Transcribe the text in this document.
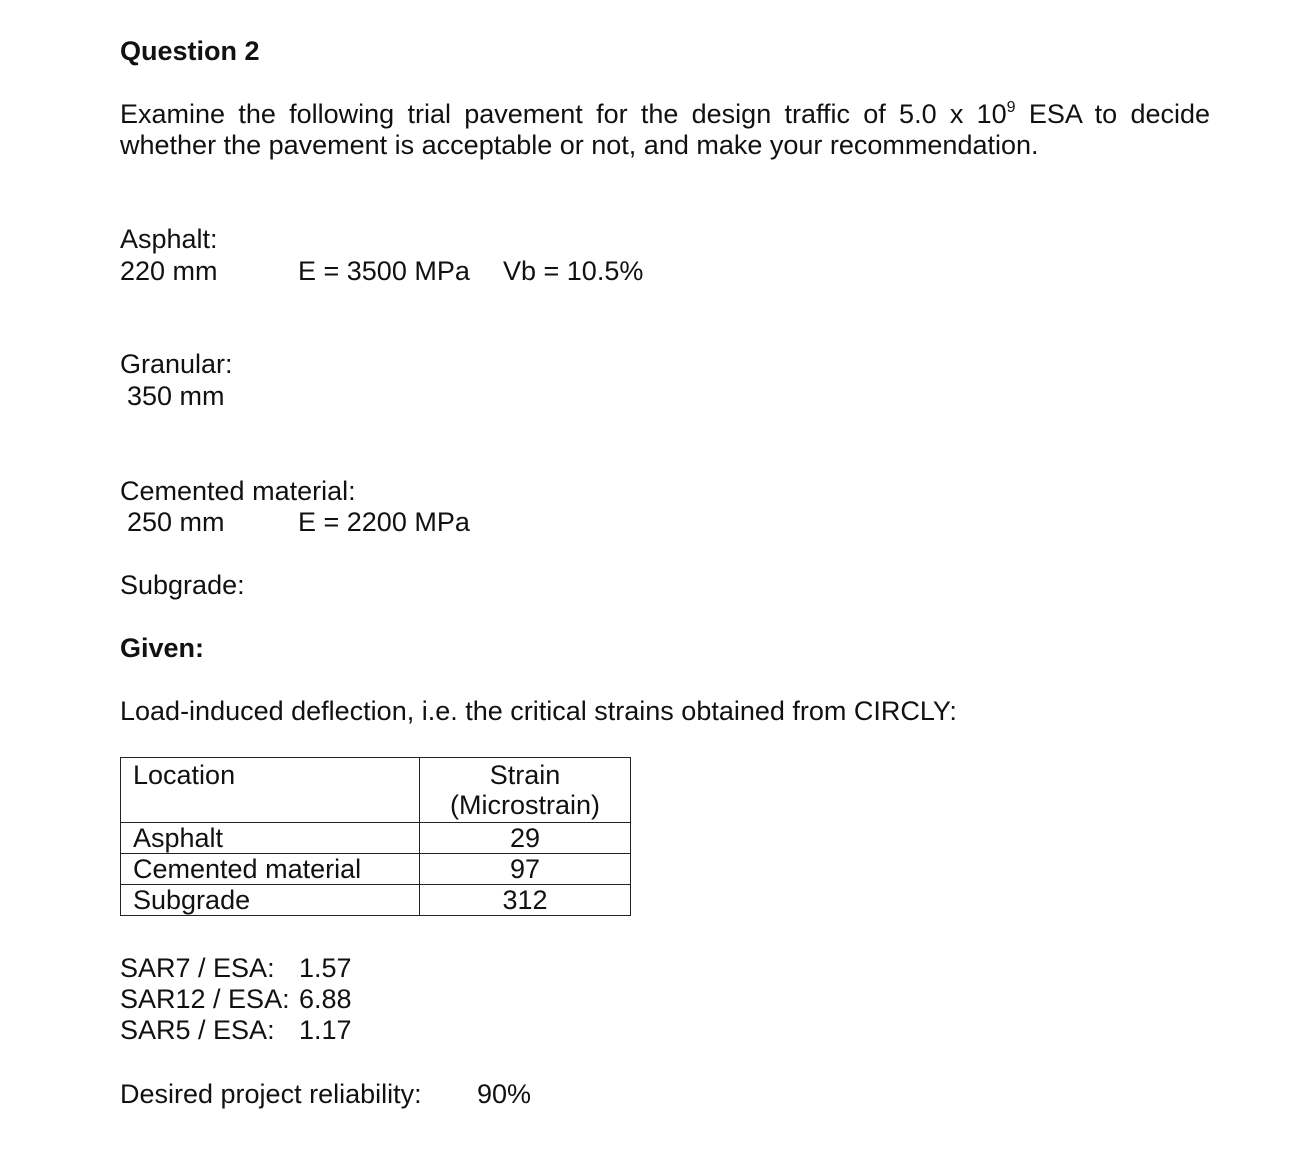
Question 2
Examine the following trial pavement for the design traffic of 5.0 x $10^9$ ESA to decide
whether the pavement is acceptable or not, and make your recommendation.
Asphalt:
220 mm	E = 3500 MPa Vb = 10.5%
Granular:
350 mm
Cemented material:
250 mm	E = 2200 MPa
Subgrade:
Given:
Load-induced deflection, i.e. the critical strains obtained from CIRCLY:
Location	Strain
(Microstrain)

Asphalt	29
Cemented material	97
Subgrade	312
SAR7 / ESA: 1.57
SAR12 / ESA: 6.88
SAR5 / ESA: 1.17
Desired project reliability: 90%
